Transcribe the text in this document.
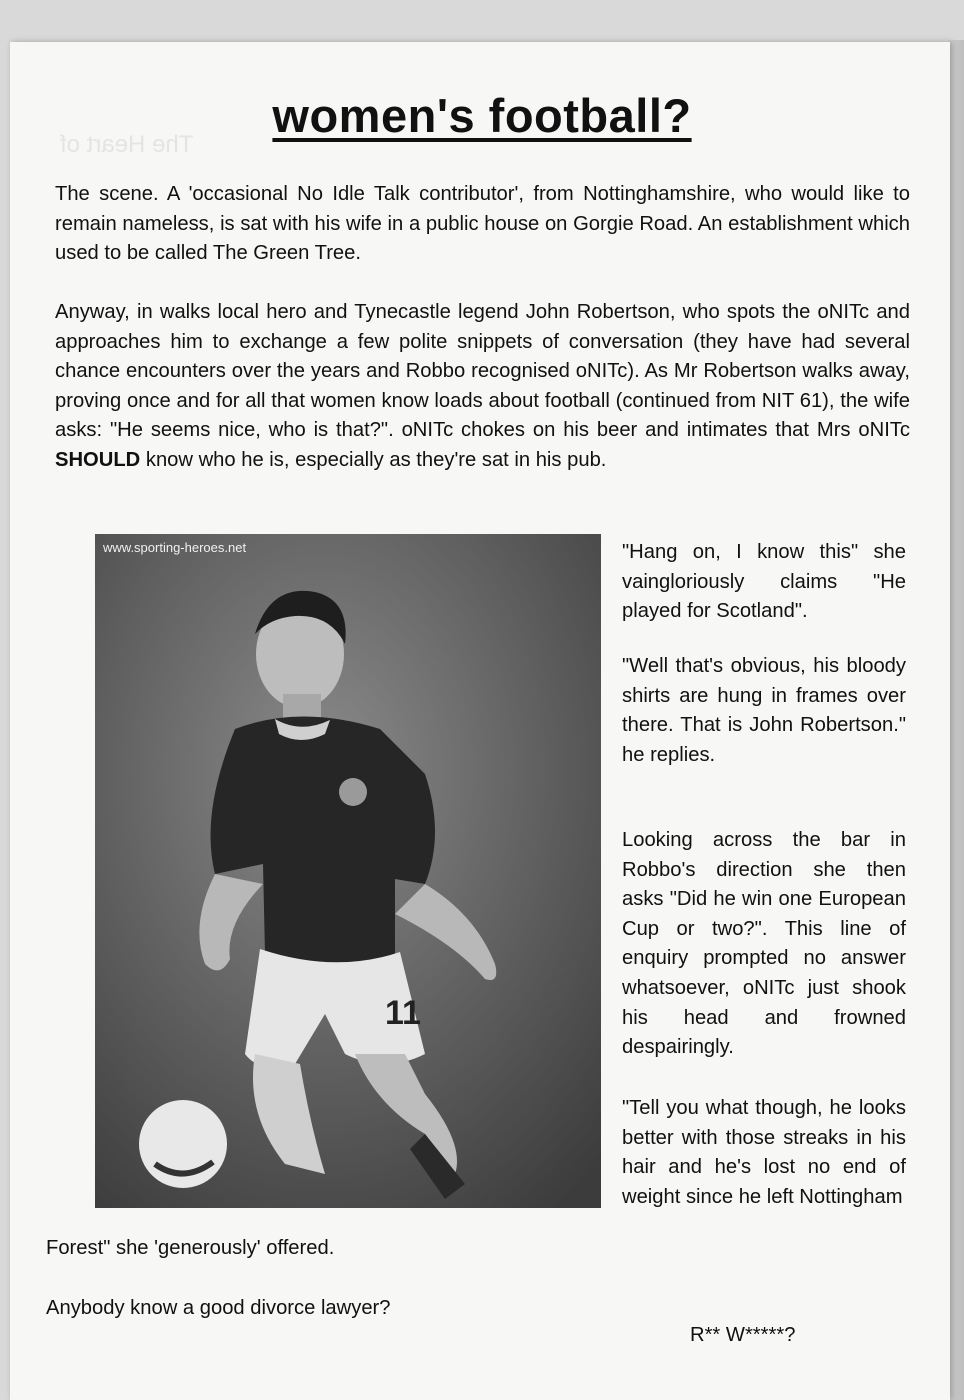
women's football?
The scene. A 'occasional No Idle Talk contributor', from Nottinghamshire, who would like to remain nameless, is sat with his wife in a public house on Gorgie Road. An establishment which used to be called The Green Tree.
Anyway, in walks local hero and Tynecastle legend John Robertson, who spots the oNITc and approaches him to exchange a few polite snippets of conversation (they have had several chance encounters over the years and Robbo recognised oNITc). As Mr Robertson walks away, proving once and for all that women know loads about football (continued from NIT 61), the wife asks: "He seems nice, who is that?". oNITc chokes on his beer and intimates that Mrs oNITc SHOULD know who he is, especially as they're sat in his pub.
11
www.sporting-heroes.net	"Hang on, I know this" she vaingloriously claims "He played for Scotland".
"Well that's obvious, his bloody shirts are hung in frames over there. That is John Robertson." he replies.
Looking across the bar in Robbo's direction she then asks "Did he win one European Cup or two?". This line of enquiry prompted no answer whatsoever, oNITc just shook his head and frowned despairingly.
"Tell you what though, he looks better with those streaks in his hair and he's lost no end of weight since he left Nottingham
Forest" she 'generously' offered.
Anybody know a good divorce lawyer?
R** W*****?
